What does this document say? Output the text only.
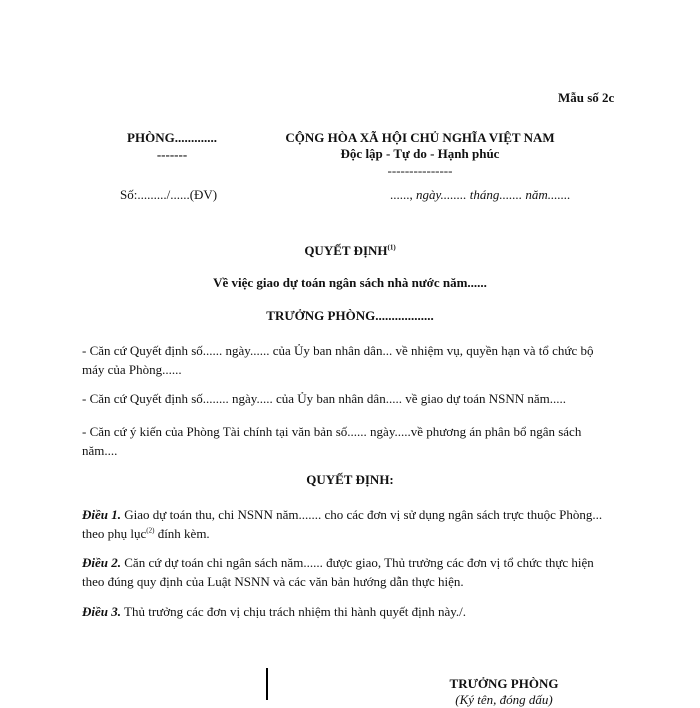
Mẫu số 2c
PHÒNG.............
-------
CỘNG HÒA XÃ HỘI CHỦ NGHĨA VIỆT NAM
Độc lập - Tự do - Hạnh phúc
---------------
Số:........./......(ĐV)	......, ngày........ tháng....... năm.......
QUYẾT ĐỊNH$^{(1)}$
Về việc giao dự toán ngân sách nhà nước năm......
TRƯỞNG PHÒNG..................
- Căn cứ Quyết định số...... ngày...... của Ủy ban nhân dân... về nhiệm vụ, quyền hạn và tổ chức bộ máy của Phòng......
- Căn cứ Quyết định số........ ngày..... của Ủy ban nhân dân..... về giao dự toán NSNN năm.....
- Căn cứ ý kiến của Phòng Tài chính tại văn bản số...... ngày.....về phương án phân bổ ngân sách năm....
QUYẾT ĐỊNH:
Điều 1. Giao dự toán thu, chi NSNN năm....... cho các đơn vị sử dụng ngân sách trực thuộc Phòng... theo phụ lục$^{(2)}$ đính kèm.
Điều 2. Căn cứ dự toán chi ngân sách năm...... được giao, Thủ trưởng các đơn vị tổ chức thực hiện theo đúng quy định của Luật NSNN và các văn bản hướng dẫn thực hiện.
Điều 3. Thủ trưởng các đơn vị chịu trách nhiệm thi hành quyết định này./.
TRƯỞNG PHÒNG
(Ký tên, đóng dấu)
